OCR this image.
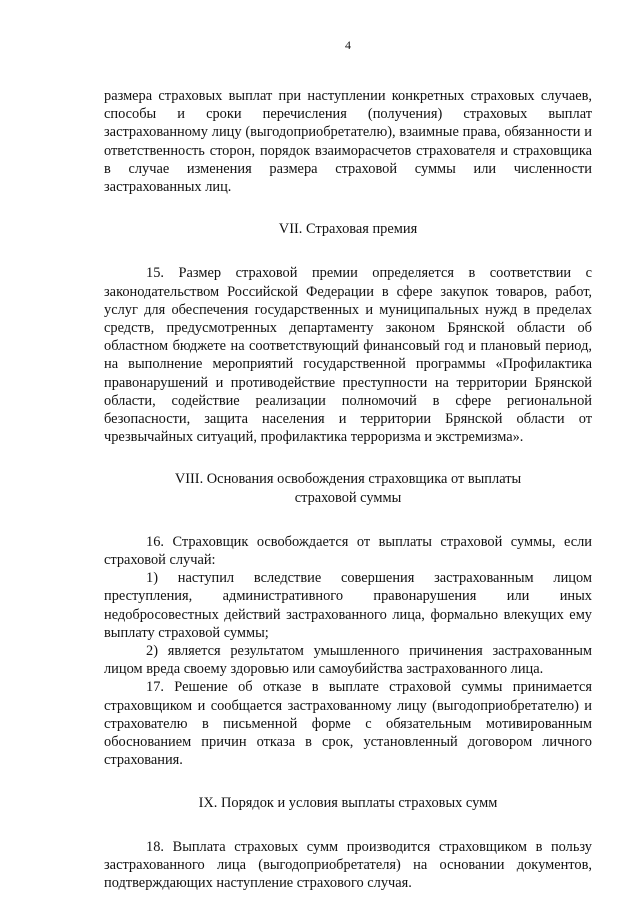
4

размера страховых выплат при наступлении конкретных страховых случаев, способы и сроки перечисления (получения) страховых выплат застрахованному лицу (выгодоприобретателю), взаимные права, обязанности и ответственность сторон, порядок взаиморасчетов страхователя и страховщика в случае изменения размера страховой суммы или численности застрахованных лиц.

VII. Страховая премия

15. Размер страховой премии определяется в соответствии с законодательством Российской Федерации в сфере закупок товаров, работ, услуг для обеспечения государственных и муниципальных нужд в пределах средств, предусмотренных департаменту законом Брянской области об областном бюджете на соответствующий финансовый год и плановый период, на выполнение мероприятий государственной программы «Профилактика правонарушений и противодействие преступности на территории Брянской области, содействие реализации полномочий в сфере региональной безопасности, защита населения и территории Брянской области от чрезвычайных ситуаций, профилактика терроризма и экстремизма».

VIII. Основания освобождения страховщика от выплаты
страховой суммы

16. Страховщик освобождается от выплаты страховой суммы, если страховой случай:

1) наступил вследствие совершения застрахованным лицом преступления, административного правонарушения или иных недобросовестных действий застрахованного лица, формально влекущих ему выплату страховой суммы;

2) является результатом умышленного причинения застрахованным лицом вреда своему здоровью или самоубийства застрахованного лица.

17. Решение об отказе в выплате страховой суммы принимается страховщиком и сообщается застрахованному лицу (выгодоприобретателю) и страхователю в письменной форме с обязательным мотивированным обоснованием причин отказа в срок, установленный договором личного страхования.

IX. Порядок и условия выплаты страховых сумм

18. Выплата страховых сумм производится страховщиком в пользу застрахованного лица (выгодоприобретателя) на основании документов, подтверждающих наступление страхового случая.
